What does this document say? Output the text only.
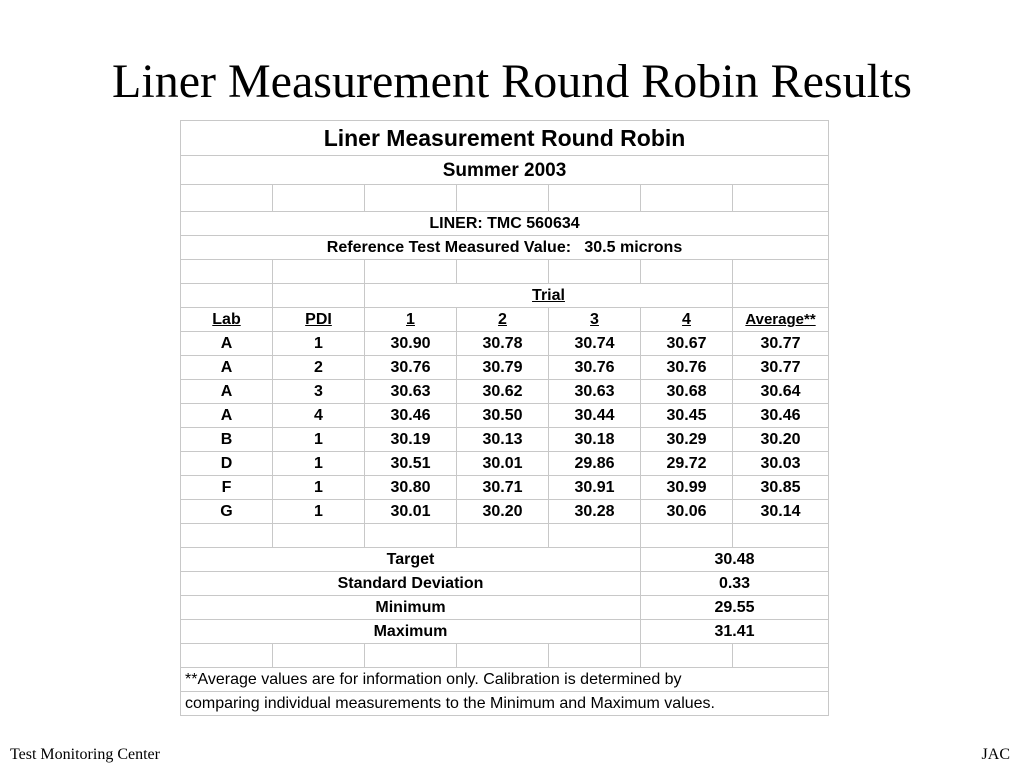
Liner Measurement Round Robin Results
Liner Measurement Round Robin						
Summer 2003						

LINER: TMC 560634						
Reference Test Measured Value:   30.5 microns						

		Trial				
Lab	PDI	1	2	3	4	Average**
A	1	30.90	30.78	30.74	30.67	30.77
A	2	30.76	30.79	30.76	30.76	30.77
A	3	30.63	30.62	30.63	30.68	30.64
A	4	30.46	30.50	30.44	30.45	30.46
B	1	30.19	30.13	30.18	30.29	30.20
D	1	30.51	30.01	29.86	29.72	30.03
F	1	30.80	30.71	30.91	30.99	30.85
G	1	30.01	30.20	30.28	30.06	30.14

Target					30.48	
Standard Deviation					0.33	
Minimum					29.55	
Maximum					31.41	

**Average values are for information only. Calibration is determined by						
comparing individual measurements to the Minimum and Maximum values.						
Test Monitoring Center	JAC
